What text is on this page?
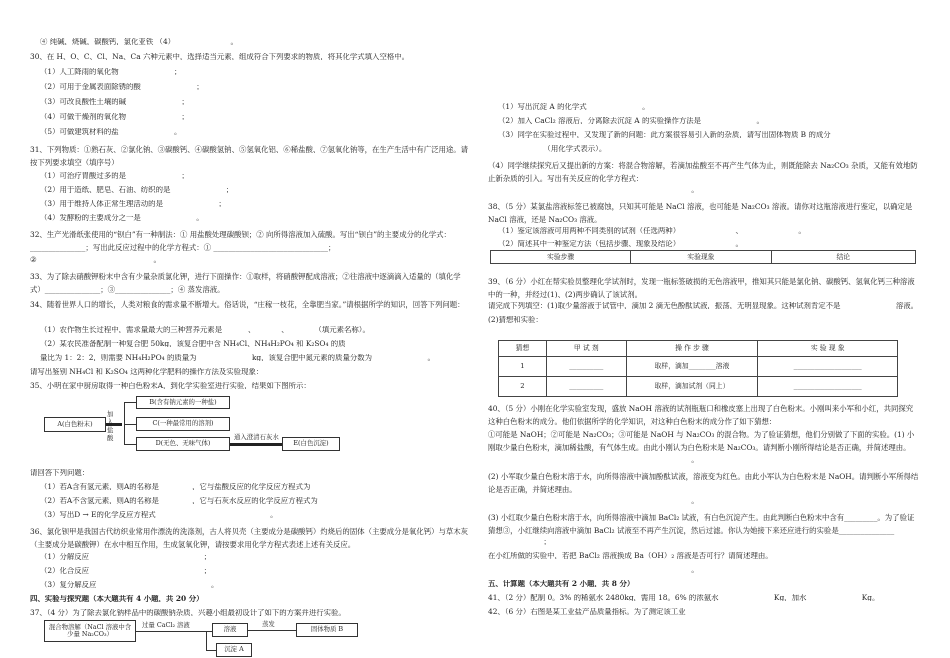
④ 纯碱，烧碱，碳酸钙，氯化亚铁 （4）_______________。
30、在 H、O、C、Cl、Na、Ca 六种元素中，选择适当元素，组成符合下列要求的物质，将其化学式填入空格中。
（1）人工降雨的氧化物_______________；
（2）可用于金属表面除锈的酸_______________；
（3）可改良酸性土壤的碱_______________；
（4）可做干燥剂的氧化物_______________；
（5）可做建筑材料的盐_______________。
31、下列物质：①熟石灰、②氯化钠、③碳酸钙、④碳酸氢钠、⑤氢氧化铝、⑥稀盐酸、⑦氢氧化钠等，在生产生活中有广泛用途。请按下列要求填空（填序号）
（1）可治疗胃酸过多的是_______________；
（2）用于造纸、肥皂、石油、纺织的是_______________；
（3）用于维持人体正常生理活动的是_______________；
（4）发酵粉的主要成分之一是_______________。
32、生产光滑纸张使用的“钡白”有一种制法：① 用盐酸处理碳酸钡；② 向所得溶液加入硫酸。写出“钡白”的主要成分的化学式：_______________；写出此反应过程中的化学方程式：① _______________________________；
② _______________________________。
33、为了除去硝酸钾粉末中含有少量杂质氯化钾，进行下面操作：①取样，将硝酸钾配成溶液；②往溶液中逐滴滴入适量的（填化学式）_______________；③_______________；④ 蒸发溶液。
34、随着世界人口的增长，人类对粮食的需求量不断增大。俗话说，“庄稼一枝花，全靠肥当家。”请根据所学的知识，回答下列问题：
（1）农作物生长过程中，需求量最大的三种营养元素是_______、_______、_______（填元素名称）。
（2）某农民准备配制一种复合肥 50kg，该复合肥中含 NH₄Cl、NH₄H₂PO₄ 和 K₂SO₄ 的质
量比为 1：2：2，则需要 NH₄H₂PO₄ 的质量为_______________kg，该复合肥中氮元素的质量分数为_______________。
请写出鉴别 NH₄Cl 和 K₂SO₄ 这两种化学肥料的操作方法及实验现象：_______________________________
35、小明在家中厨房取得一种白色粉末A，到化学实验室进行实验，结果如下图所示：
A(白色粉末)
加入盐酸
B(含有钠元素的一种盐)
C(一种最常用的溶剂)
D(无色、无味气体)
通入澄清石灰水
E(白色沉淀)
请回答下列问题：
（1）若A含有氢元素，则A的名称是_________，它与盐酸反应的化学反应方程式为_______________________________
（2）若A不含氢元素，则A的名称是_________，它与石灰水反应的化学反应方程式为_______________________________
（3）写出D → E的化学反应方程式_______________________________。
36、氯化钡甲是我国古代纺织业常用作漂洗的洗涤剂，古人将贝壳（主要成分是碳酸钙）灼烧后的固体（主要成分是氧化钙）与草木灰（主要成分是碳酸钾）在水中相互作用，生成氢氧化钾，请按要求用化学方程式表述上述有关反应。
（1）分解反应_______________________________；
（2）化合反应_______________________________；
（3）复分解反应_______________________________。
四、实验与探究题（本大题共有 4 小题，共 20 分）
37、（4 分）为了除去氯化钠样品中的碳酸钠杂质，兴趣小组最初设计了如下的方案并进行实验。
混合物溶解（NaCl 溶液中含少量 Na₂CO₃）
过量 CaCl₂ 溶液
溶液
蒸发
固体物质 B
沉淀 A
（1）写出沉淀 A 的化学式_______________。
（2）加入 CaCl₂ 溶液后，分离除去沉淀 A 的实验操作方法是_______________。
（3）同学在实验过程中，又发现了新的问题：此方案很容易引入新的杂质，请写出固体物质 B 的成分
_______________（用化学式表示）。
（4）同学继续探究后又提出新的方案：将混合物溶解，若滴加盐酸至不再产生气体为止，则既能除去 Na₂CO₃ 杂质，又能有效地防止新杂质的引入。写出有关反应的化学方程式：
_______________________________________________________。
38、（5 分）某氯盐溶液标签已被腐蚀，只知其可能是 NaCl 溶液，也可能是 Na₂CO₃ 溶液。请你对这瓶溶液进行鉴定，以确定是 NaCl 溶液，还是 Na₂CO₃ 溶液。
（1）鉴定该溶液可用两种不同类别的试剂（任选两种）_______________、_______________。
（2）简述其中一种鉴定方法（包括步骤、现象及结论）_______________。
实验步骤	实验现象	结论
39、（6 分）小红在帮实验员整理化学试剂时，发现一瓶标签破损的无色溶液甲，推知其只能是氯化钠、碳酸钙、氢氧化钙三种溶液中的一种，并经过(1)、(2)两步确认了该试剂。
请完成下列填空：(1)取少量溶液于试管中，滴加 2 滴无色酚酞试液，振荡，无明显现象。这种试剂肯定不是_______________溶液。
(2)猜想和实验：
猜想	甲 试 剂	操 作 步 骤	实 验 现 象
1	__________	取样，滴加________溶液	____________________
2	__________	取样，滴加试剂（同上）	____________________
40、（5 分）小刚在化学实验室发现，盛放 NaOH 溶液的试剂瓶瓶口和橡皮塞上出现了白色粉末。小刚叫来小军和小红，共同探究这种白色粉末的成分。他们依据所学的化学知识，对这种白色粉末的成分作了如下猜想：
①可能是 NaOH；②可能是 Na₂CO₃；③可能是 NaOH 与 Na₂CO₃ 的混合物。为了验证猜想，他们分别做了下面的实验。(1) 小刚取少量白色粉末，滴加稀盐酸，有气体生成。由此小刚认为白色粉末是 Na₂CO₃。请判断小刚所得结论是否正确，并简述理由。
_______________________________________________________。
(2) 小军取少量白色粉末溶于水，向所得溶液中滴加酚酞试液，溶液变为红色。由此小军认为白色粉末是 NaOH。请判断小军所得结论是否正确，并简述理由。
_______________________________________________________。
(3) 小红取少量白色粉末溶于水，向所得溶液中滴加 BaCl₂ 试液，有白色沉淀产生。由此判断白色粉末中含有_________。为了验证猜想③，小红继续向溶液中滴加 BaCl₂ 试液至不再产生沉淀，然后过滤。你认为她接下来还应进行的实验是_______________
_______________；
在小红所做的实验中，若把 BaCl₂ 溶液换成 Ba（OH）₂ 溶液是否可行？请简述理由。
_______________________________________________________。
五、计算题（本大题共有 2 小题，共 8 分）
41、（2 分）配制 0。3% 的稀氨水 2480kg，需用 18。6% 的浓氨水_______________Kg，加水_______________Kg。
42、（6 分）右图是某工业盐产品质量指标。为了测定该工业
